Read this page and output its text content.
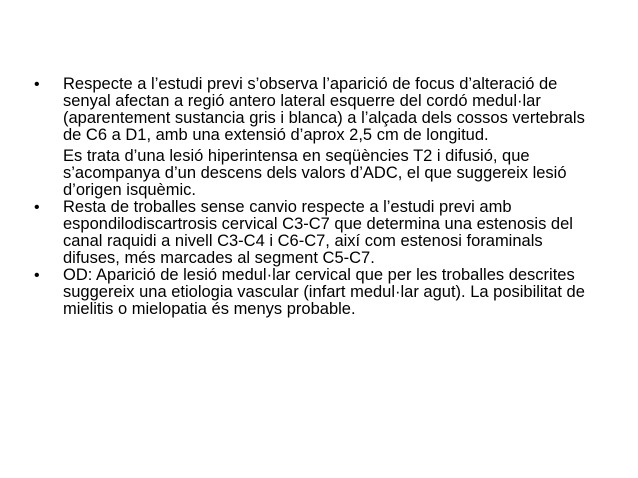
• Respecte a l’estudi previ s’observa l’aparició de focus d’alteració de senyal afectan a regió antero lateral esquerre del cordó medul·lar (aparentement sustancia gris i blanca) a l’alçada dels cossos vertebrals de C6 a D1, amb una extensió d’aprox 2,5 cm de longitud.

Es trata d’una lesió hiperintensa en seqüències T2 i difusió, que s’acompanya d’un descens dels valors d’ADC, el que suggereix lesió d’origen isquèmic.

• Resta de troballes sense canvio respecte a l’estudi previ amb espondilodiscartrosis cervical C3-C7 que determina una estenosis del canal raquidi a nivell C3-C4 i C6-C7, així com estenosi foraminals difuses, més marcades al segment C5-C7.

• OD: Aparició de lesió medul·lar cervical que per les troballes descrites suggereix una etiologia vascular (infart medul·lar agut). La posibilitat de mielitis o mielopatia és menys probable.
